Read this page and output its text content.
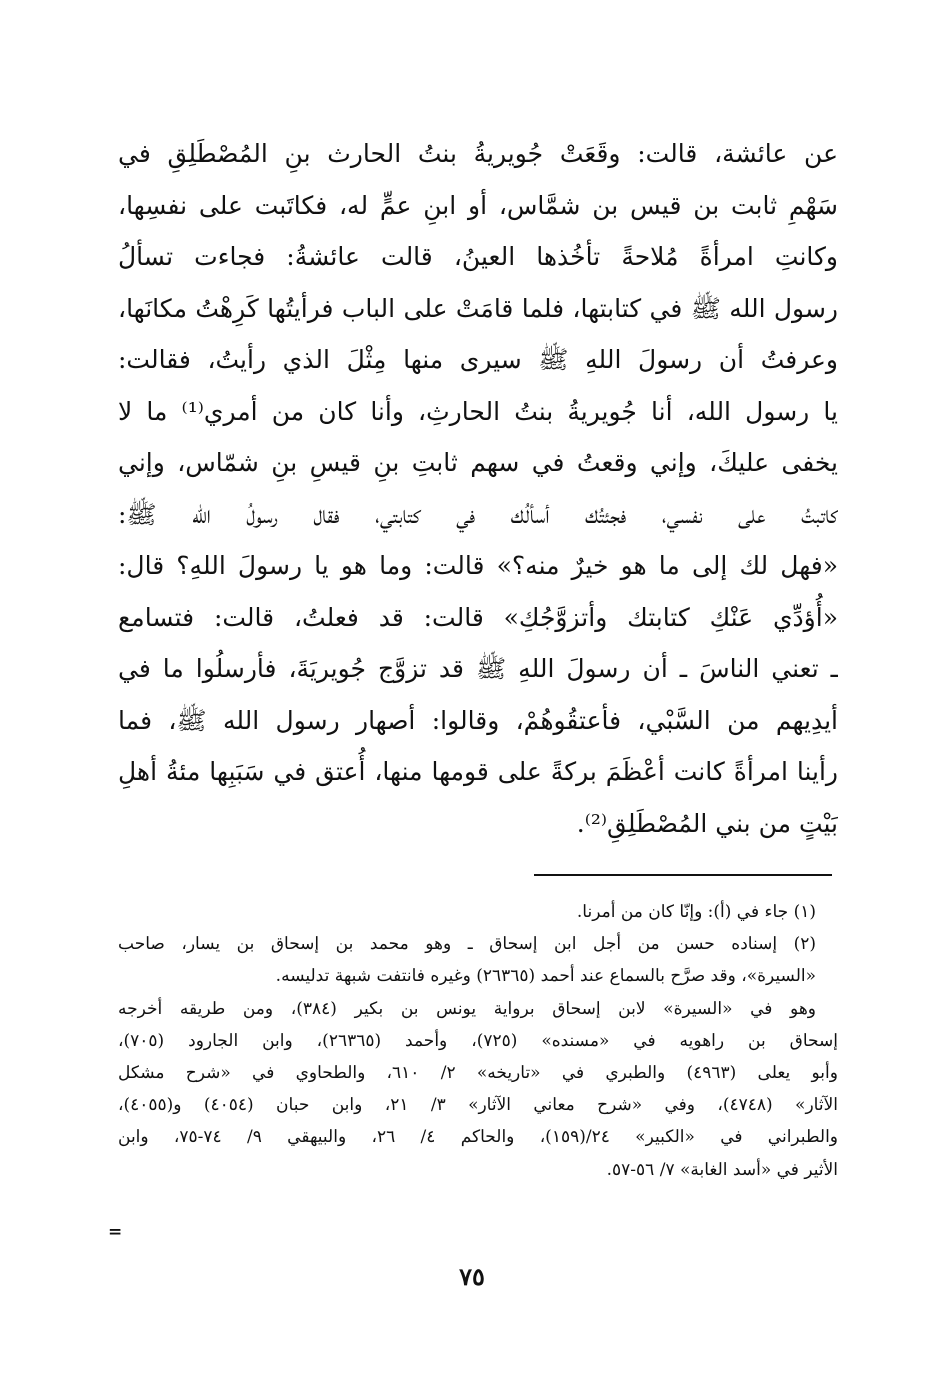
عن عائشة، قالت: وقَعَتْ جُويريةُ بنتُ الحارث بنِ المُصْطَلِقِ في
سَهْمِ ثابت بن قيس بن شمَّاس، أو ابنِ عمٍّ له، فكاتَبت على نفسِها،
وكانتِ امرأةً مُلاحةً تأخُذها العينُ، قالت عائشةُ: فجاءت تسألُ
رسول الله ﷺ في كتابتها، فلما قامَتْ على الباب فرأيتُها كَرِهْتُ مكانَها،
وعرفتُ أن رسولَ اللهِ ﷺ سيرى منها مِثْلَ الذي رأيتُ، فقالت:
يا رسول الله، أنا جُويريةُ بنتُ الحارثِ، وأنا كان من أمري⁽¹⁾ ما لا
يخفى عليكَ، وإني وقعتُ في سهم ثابتِ بنِ قيسِ بنِ شمّاس، وإني
كاتبتُ على نفسي، فجئتُك أسألُك في كتابتي، فقال رسولُ الله ﷺ:
«فهل لك إلى ما هو خيرٌ منه؟» قالت: وما هو يا رسولَ اللهِ؟ قال:
«أُؤدِّي عَنْكِ كتابتك وأتزوَّجُكِ» قالت: قد فعلتُ، قالت: فتسامع
ـ تعني الناسَ ـ أن رسولَ اللهِ ﷺ قد تزوَّج جُويريَةَ، فأرسلُوا ما في
أيدِيهم من السَّبْي، فأعتقُوهُمْ، وقالوا: أصهار رسول الله ﷺ، فما
رأينا امرأةً كانت أعْظَمَ بركةً على قومها منها، أُعتق في سَبَبِها مئةُ أهلِ
بَيْتٍ من بني المُصْطَلِقِ⁽²⁾.
(١) جاء في (أ): وإنّا كان من أمرنا.
(٢) إسناده حسن من أجل ابن إسحاق ـ وهو محمد بن إسحاق بن يسار، صاحب
«السيرة»، وقد صرَّح بالسماع عند أحمد (٢٦٣٦٥) وغيره فانتفت شبهة تدليسه.
وهو في «السيرة» لابن إسحاق برواية يونس بن بكير (٣٨٤)، ومن طريقه أخرجه
إسحاق بن راهويه في «مسنده» (٧٢٥)، وأحمد (٢٦٣٦٥)، وابن الجارود (٧٠٥)،
وأبو يعلى (٤٩٦٣) والطبري في «تاريخه» ٢/ ٦١٠، والطحاوي في «شرح مشكل
الآثار» (٤٧٤٨)، وفي «شرح معاني الآثار» ٣/ ٢١، وابن حبان (٤٠٥٤) و(٤٠٥٥)،
والطبراني في «الكبير» ٢٤/(١٥٩)، والحاكم ٤/ ٢٦، والبيهقي ٩/ ٧٤-٧٥، وابن
الأثير في «أسد الغابة» ٧/ ٥٦-٥٧.
=
٧٥
